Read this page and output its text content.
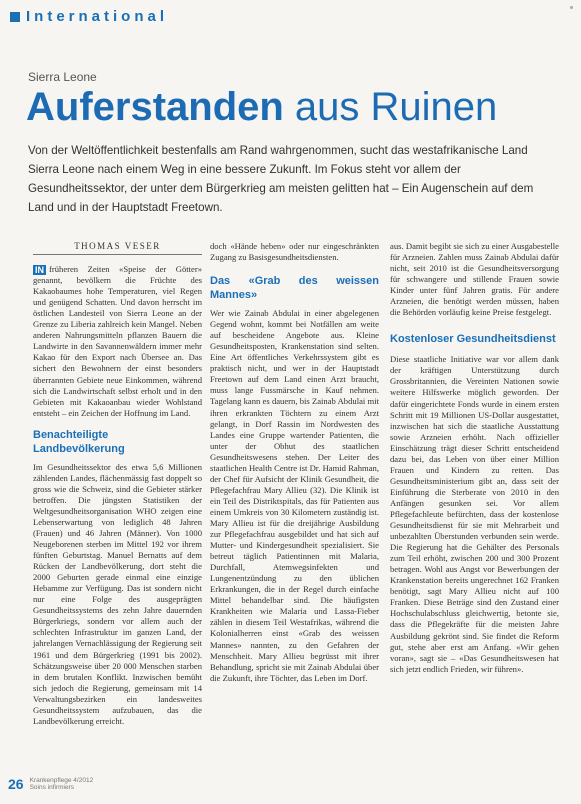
International
Sierra Leone
Auferstanden aus Ruinen
Von der Weltöffentlichkeit bestenfalls am Rand wahrgenommen, sucht das westafrikanische Land Sierra Leone nach einem Weg in eine bessere Zukunft. Im Fokus steht vor allem der Gesundheitssektor, der unter dem Bürgerkrieg am meisten gelitten hat – Ein Augenschein auf dem Land und in der Hauptstadt Freetown.
THOMAS VESER

IN früheren Zeiten «Speise der Götter» genannt, bevölkern die Früchte des Kakaobaumes hohe Temperaturen, viel Regen und genügend Schatten. Und davon herrscht im östlichen Landesteil von Sierra Leone an der Grenze zu Liberia zahlreich kein Mangel. Neben anderen Nahrungsmitteln pflanzen Bauern die Landwirte in den Savannenwäldern immer mehr Kakao für den Export nach Übersee an. Das sichert den Bewohnern der einst besonders überrannten Gebiete neue Einkommen, während sich die Landwirtschaft selbst erholt und in den Gebieten mit Kakaoanbau wieder Wohlstand entsteht – ein Zeichen der Hoffnung im Land.

Benachteiligte Landbevölkerung

Im Gesundheitssektor des etwa 5,6 Millionen zählenden Landes, flächenmässig fast doppelt so gross wie die Schweiz, sind die Gebieter stärker betroffen. Die jüngsten Statistiken der Weltgesundheitsorganisation WHO zeigen eine Lebenserwartung von lediglich 48 Jahren (Frauen) und 46 Jahren (Männer). Von 1000 Neugeborenen sterben im Mittel 192 vor ihrem fünften Geburtstag. Manuel Bernatts auf dem Rücken der Landbevölkerung, dort steht die 2000 Geburten gerade einmal eine einzige Hebamme zur Verfügung. Das ist sondern nicht nur eine Folge des ausgeprägten Gesundheitssystems des zehn Jahre dauernden Bürgerkriegs, sondern vor allem auch der schlechten Infrastruktur im ganzen Land, der jahrelangen Vernachlässigung der Regierung seit 1961 und dem Bürgerkrieg (1991 bis 2002). Schätzungsweise über 20 000 Menschen starben in dem brutalen Konflikt. Inzwischen bemüht sich jedoch die Regierung, gemeinsam mit 14 Verwaltungsbezirken ein landesweites Gesundheitssystem aufzubauen, das die Landbevölkerung erreicht.

doch «Hände heben» oder nur eingeschränkten Zugang zu Basisgesundheitsdiensten.

Das «Grab des weissen Mannes»

Wer wie Zainab Abdulai in einer abgelegenen Gegend wohnt, kommt bei Notfällen am weite auf bescheidene Angebote aus. Kleine Gesundheitsposten, Krankenstation sind selten. Eine Art öffentliches Verkehrssystem gibt es praktisch nicht, und wer in der Hauptstadt Freetown auf dem Land einen Arzt braucht, muss lange Fussmärsche in Kauf nehmen. Tagelang kann es dauern, bis Zainab Abdulai mit ihren erkrankten Töchtern zu einem Arzt gelangt, in Dorf Rassin im Nordwesten des Landes eine Gruppe wartender Patienten, die unter der Obhut des staatlichen Gesundheitswesens stehen. Der Leiter des staatlichen Health Centre ist Dr. Hamid Rahman, der Chef für Aufsicht der Klinik Gesundheit, die Pflegefachfrau Mary Allieu (32). Die Klinik ist ein Teil des Distriktspitals, das für Patienten aus einem Umkreis von 30 Kilometern zuständig ist. Mary Allieu ist für die dreijährige Ausbildung zur Pflegefachfrau ausgebildet und hat sich auf Mutter- und Kindergesundheit spezialisiert. Sie betreut täglich Patientinnen mit Malaria, Durchfall, Atemwegsinfekten und Lungenentzündung zu den üblichen Erkrankungen, die in der Regel durch einfache Mittel behandelbar sind. Die häufigsten Krankheiten wie Malaria und Lassa-Fieber zählen in diesem Teil Westafrikas, während die Kolonialherren einst «Grab des weissen Mannes» nannten, zu den Gefahren der Menschheit. Mary Allieu begrüsst mit ihrer Behandlung, spricht sie mit Zainab Abdulai über die Zukunft, ihre Töchter, das Leben im Dorf.

aus. Damit begibt sie sich zu einer Ausgabestelle für Arzneien. Zahlen muss Zainab Abdulai dafür nicht, seit 2010 ist die Gesundheitsversorgung für schwangere und stillende Frauen sowie Kinder unter fünf Jahren gratis. Für andere Arzneien, die benötigt werden müssen, haben die Behörden vorläufig keine Preise festgelegt.

Kostenloser Gesundheitsdienst

Diese staatliche Initiative war vor allem dank der kräftigen Unterstützung durch Grossbritannien, die Vereinten Nationen sowie weitere Hilfswerke möglich geworden. Der dafür eingerichtete Fonds wurde in einem ersten Schritt mit 19 Millionen US-Dollar ausgestattet, inzwischen hat sich die staatliche Ausstattung sowie Arzneien erhöht. Nach offizieller Einschätzung trägt dieser Schritt entscheidend dazu bei, das Leben von über einer Million Frauen und Kindern zu retten. Das Gesundheitsministerium gibt an, dass seit der Einführung die Sterberate von 2010 in den Anfängen gesunken sei. Vor allem Pflegefachleute befürchten, dass der kostenlose Gesundheitsdienst für sie mit Mehrarbeit und unbezahlten Überstunden verbunden sein werde. Die Regierung hat die Gehälter des Personals zum Teil erhöht, zwischen 200 und 300 Prozent betragen. Wohl aus Angst vor Bewerbungen der Krankenstation bereits ungerechnet 162 Franken benötigt, sagt Mary Allieu nicht auf 100 Franken. Diese Beträge sind den Zustand einer Hochschulabschluss gleichwertig, betonte sie, dass die Pflegekräfte für die meisten Jahre Ausbildung gekrönt sind. Sie findet die Reform gut, stehe aber erst am Anfang. «Wir gehen voran», sagt sie – «Das Gesundheitswesen hat sich jetzt endlich Frieden, wir führen».

26 Krankenpflege 4/2012
Soins infirmiers
